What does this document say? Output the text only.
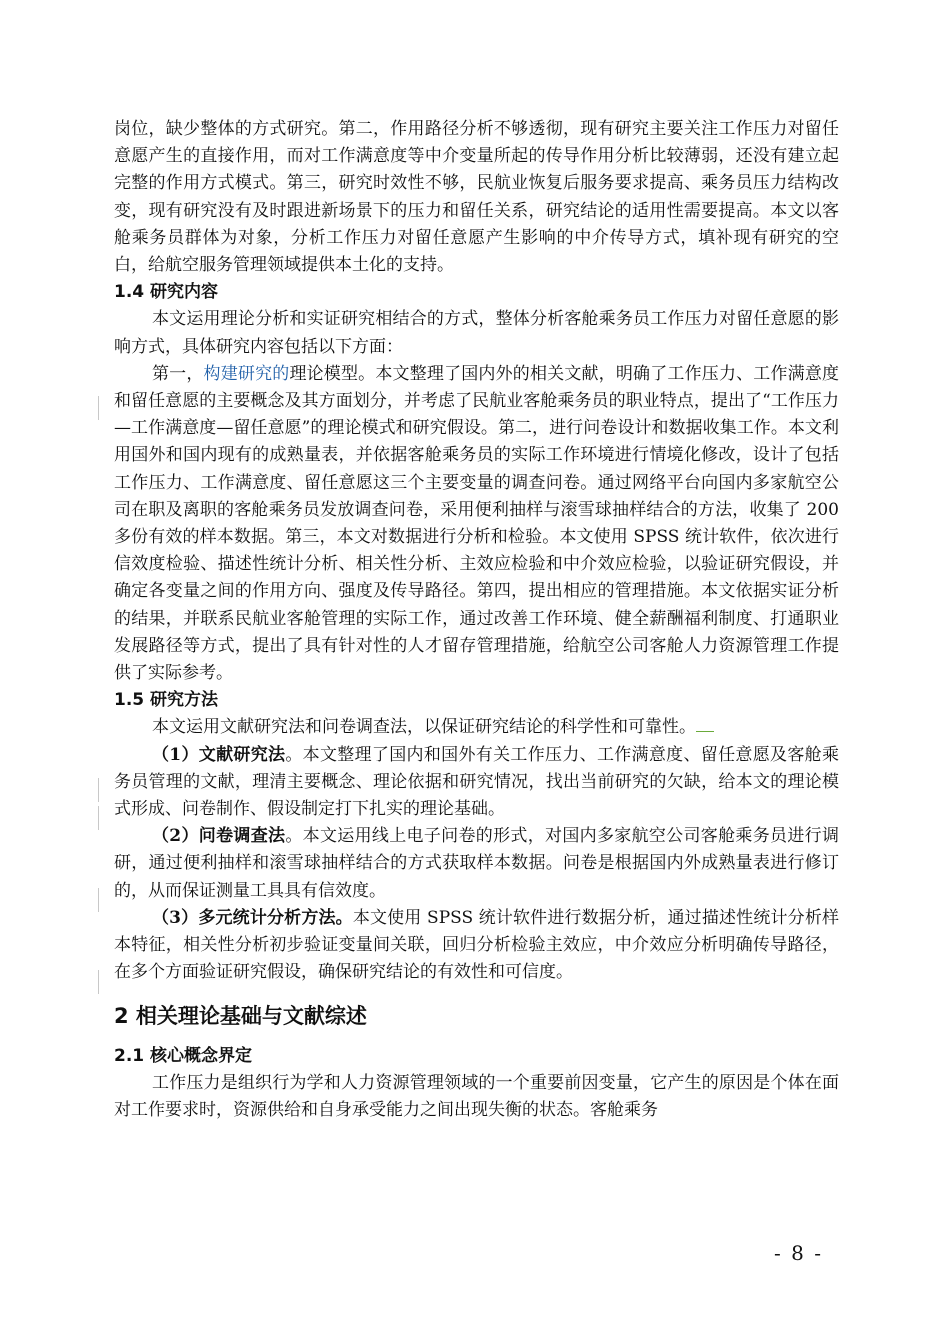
岗位，缺少整体的方式研究。第二，作用路径分析不够透彻，现有研究主要关注工作压力对留任意愿产生的直接作用，而对工作满意度等中介变量所起的传导作用分析比较薄弱，还没有建立起完整的作用方式模式。第三，研究时效性不够，民航业恢复后服务要求提高、乘务员压力结构改变，现有研究没有及时跟进新场景下的压力和留任关系，研究结论的适用性需要提高。本文以客舱乘务员群体为对象，分析工作压力对留任意愿产生影响的中介传导方式，填补现有研究的空白，给航空服务管理领域提供本土化的支持。

1.4 研究内容

本文运用理论分析和实证研究相结合的方式，整体分析客舱乘务员工作压力对留任意愿的影响方式，具体研究内容包括以下方面：

第一，构建研究的理论模型。本文整理了国内外的相关文献，明确了工作压力、工作满意度和留任意愿的主要概念及其方面划分，并考虑了民航业客舱乘务员的职业特点，提出了“工作压力—工作满意度—留任意愿”的理论模式和研究假设。第二，进行问卷设计和数据收集工作。本文利用国外和国内现有的成熟量表，并依据客舱乘务员的实际工作环境进行情境化修改，设计了包括工作压力、工作满意度、留任意愿这三个主要变量的调查问卷。通过网络平台向国内多家航空公司在职及离职的客舱乘务员发放调查问卷，采用便利抽样与滚雪球抽样结合的方法，收集了 200 多份有效的样本数据。第三，本文对数据进行分析和检验。本文使用 SPSS 统计软件，依次进行信效度检验、描述性统计分析、相关性分析、主效应检验和中介效应检验，以验证研究假设，并确定各变量之间的作用方向、强度及传导路径。第四，提出相应的管理措施。本文依据实证分析的结果，并联系民航业客舱管理的实际工作，通过改善工作环境、健全薪酬福利制度、打通职业发展路径等方式，提出了具有针对性的人才留存管理措施，给航空公司客舱人力资源管理工作提供了实际参考。

1.5 研究方法

本文运用文献研究法和问卷调查法，以保证研究结论的科学性和可靠性。

（1）文献研究法。本文整理了国内和国外有关工作压力、工作满意度、留任意愿及客舱乘务员管理的文献，理清主要概念、理论依据和研究情况，找出当前研究的欠缺，给本文的理论模式形成、问卷制作、假设制定打下扎实的理论基础。

（2）问卷调查法。本文运用线上电子问卷的形式，对国内多家航空公司客舱乘务员进行调研，通过便利抽样和滚雪球抽样结合的方式获取样本数据。问卷是根据国内外成熟量表进行修订的，从而保证测量工具具有信效度。

（3）多元统计分析方法。本文使用 SPSS 统计软件进行数据分析，通过描述性统计分析样本特征，相关性分析初步验证变量间关联，回归分析检验主效应，中介效应分析明确传导路径，在多个方面验证研究假设，确保研究结论的有效性和可信度。

2 相关理论基础与文献综述

2.1 核心概念界定

工作压力是组织行为学和人力资源管理领域的一个重要前因变量，它产生的原因是个体在面对工作要求时，资源供给和自身承受能力之间出现失衡的状态。客舱乘务

- 8 -
